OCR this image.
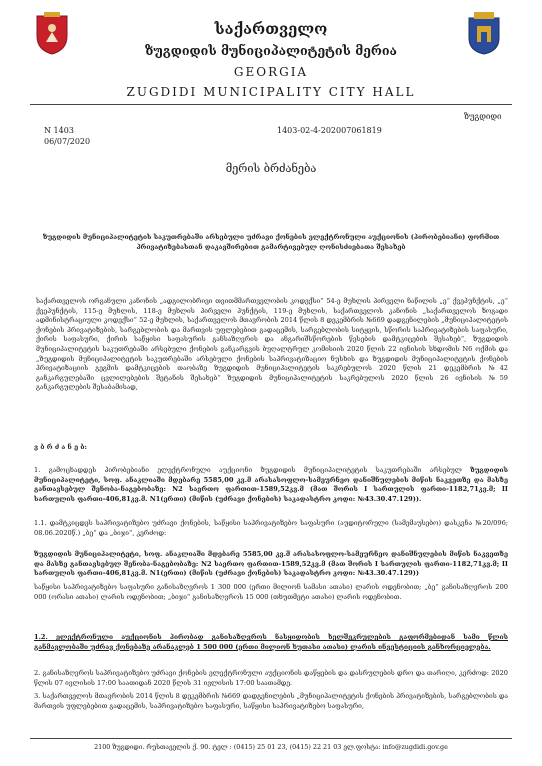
საქართველო
ზუგდიდის მუნიციპალიტეტის მერია
GEORGIA
ZUGDIDI MUNICIPALITY CITY HALL
ზუგდიდი
N 1403
06/07/2020
1403-02-4-202007061819
მერის ბრძანება
ზუგდიდის მუნიციპალიტეტის საკუთრებაში არსებული უძრავი ქონების ელექტრონული აუქციონის (პირობებიანი) ფორმით პრივატიზებასთან დაკავშირებით გამარტივებულ ღონისძიებათა შესახებ
საქართველოს ორგანული კანონის „ადგილობრივი თვითმმართველობის კოდექსი“ 54-ე მუხლის პირველი ნაწილის „ე“ ქვეპუნქტის, „ე“ ქვეპუნქტის, 115-ე მუხლის, 118-ე მუხლის პირველი პუნქტის, 119-ე მუხლის, საქართველოს კანონის „საქართველოს ზოგადი ადმინისტრაციული კოდექსი“ 52-ე მუხლის, საქართველოს მთავრობის 2014 წლის 8 დეკემბრის №669 დადგენილების „მუნიციპალიტეტის ქონების პრივატიზების, სარგებლობის და მართვის უფლებებით გადაცემის, სარგებლობის სიტყვის, სწორის საპრივატიზების საფასური, ქირის საფასური, ქირის საწყისი საფასურის განსაზღვრის და ანგარიშსწორების წესების დამტკიცების შესახებ“, ზუგდიდის მუნიციპალიტეტის საკუთრებაში არსებული ქონების განკარგვის ბუღალტრულ კომისიის 2020 წლის 22 ივნისის სხდომის N6 ოქმის და „ზუგდიდის მუნიციპალიტეტის საკუთრებაში არსებული ქონების საპრივატიზაციო ნუსხის და ზუგდიდის მუნიციპალიტეტის ქონების პრივატიზაციის გეგმის დამტკიცების თაობაზე ზუგდიდის მუნიციპალიტეტის საკრებულოს 2020 წლის 21 დეკემბრის №42 განკარგულებაში ცვლილებების შეტანის შესახებ“ ზუგდიდის მუნიციპალიტეტის საკრებულოს 2020 წლის 26 ივნისის №59 განკარგულების შესაბამისად,
ვ ბ რ ძ ა ნ ე ბ:
1. გამოცხადდეს პირობებიანი ელექტრონული აუქციონი ზუგდიდის მუნიციპალიტეტის საკუთრებაში არსებულ ზუგდიდის მუნიციპალიტეტი, სოფ. ანაკლიაში მდებარე 5585,00 კვ.მ არასასოფლო-სამეურნეო დანიშნულების მიწის ნაკვეთზე და მასზე განთავსებულ შენობა-ნაგებობაზე: N2 საერთო ფართით-1589,52კვ.მ (მათ შორის I სართულის ფართი-1182,71კვ.მ; II სართულის ფართი-406,81კვ.მ. N1(ერთი) (მიწის (უძრავი ქონების) საკადასტრო კოდი: №43.30.47.129)).
1.1. დამტკიცდეს საპრივატიზებო უძრავი ქონების, საწყისი საპრივატიზებო საფასური (აუდიტორული (სამემაუსებო) დასკვნა №20/096; 08.06.2020წ.) „ბე“ და „ბიჯი“, კერძოდ:
ზუგდიდის მუნიციპალიტეტი, სოფ. ანაკლიაში მდებარე 5585,00 კვ.მ არასასოფლო-სამეურნეო დანიშნულების მიწის ნაკვეთზე და მასზე განთავსებულ შენობა-ნაგებობაზე: N2 საერთო ფართით-1589,52კვ.მ (მათ შორის I სართულის ფართი-1182,71კვ.მ; II სართულის ფართი-406,81კვ.მ. N1(ერთი) (მიწის (უძრავი ქონების) საკადასტრო კოდი: №43.30.47.129))
საწყისი საპრივატიზებო საფასური განისაზღვროს 1 300 000 (ერთი მილიონ სამასი ათასი) ლარის ოდენობით; „ბე“ განისაზღვროს 200 000 (ორასი ათასი) ლარის ოდენობით; „ბიჯი“ განისაზღვროს 15 000 (თხუთმეტი ათასი) ლარის ოდენობით.
1.2. ელექტრონული აუქციონის პირობად განისაზღვროს ნასყიდობის ხელშეკრულების გაფორმებიდან სამი წლის განმავლობაში უძრავ ქონებაზე არანაკლებ 1 500 000 (ერთი მილიონ ხუთასი ათასი) ლარის ინვესტიციის განხორციელება.
2. განისაზღვროს საპრივატიზებო უძრავი ქონების ელექტრონული აუქციონის დაწყების და დასრულების დრო და თარიღი, კერძოდ: 2020 წლის 07 ივლისის 17:00 საათიდან 2020 წლის 31 ივლისის 17:00 საათამდე.
3. საქართველოს მთავრობის 2014 წლის 8 დეკემბრის №669 დადგენილების „მუნიციპალიტეტის ქონების პრივატიზების, სარგებლობის და მართვის უფლებებით გადაცემის, საპრივატიზებო საფასური, საწყისი საპრივატიზებო საფასური,
2100 ზუგდიდი. რუსთაველის ქ. 90. ტელ : (0415) 25 01 23, (0415) 22 21 03 ელ.ფოსტა: info@zugdidi.gov.ge
